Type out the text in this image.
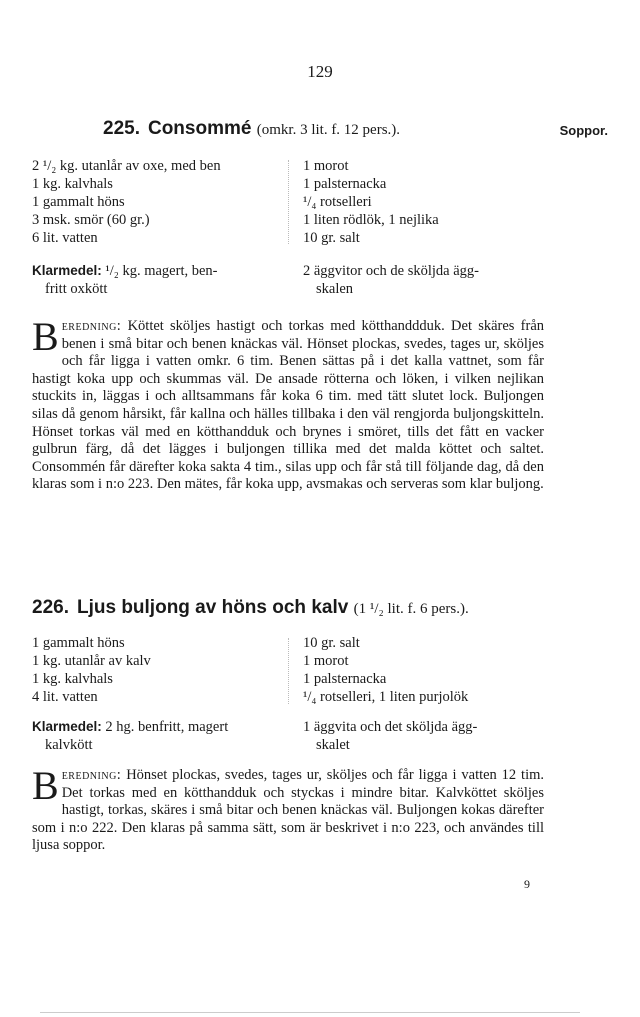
129
225. Consommé (omkr. 3 lit. f. 12 pers.).	Soppor.
2 ¹/₂ kg. utanlår av oxe, med ben
1 kg. kalvhals
1 gammalt höns
3 msk. smör (60 gr.)
6 lit. vatten
1 morot
1 palsternacka
¹/₄ rotselleri
1 liten rödlök, 1 nejlika
10 gr. salt
Klarmedel: ¹/₂ kg. magert, ben-
fritt oxkött
2 äggvitor och de sköljda ägg-
skalen
Beredning: Köttet sköljes hastigt och torkas med kötthanddduk. Det skäres från benen i små bitar och benen knäckas väl. Hönset plockas, svedes, tages ur, sköljes och får ligga i vatten omkr. 6 tim. Benen sättas på i det kalla vattnet, som får hastigt koka upp och skummas väl. De ansade rötterna och löken, i vilken nejlikan stuckits in, läggas i och alltsammans får koka 6 tim. med tätt slutet lock. Buljongen silas då genom hårsikt, får kallna och hälles tillbaka i den väl rengjorda buljongskitteln. Hönset torkas väl med en kötthandduk och brynes i smöret, tills det fått en vacker gulbrun färg, då det lägges i buljongen tillika med det malda köttet och saltet. Consommén får därefter koka sakta 4 tim., silas upp och får stå till följande dag, då den klaras som i n:o 223. Den mätes, får koka upp, avsmakas och serveras som klar buljong.
226. Ljus buljong av höns och kalv (1 ¹/₂ lit. f. 6 pers.).
1 gammalt höns
1 kg. utanlår av kalv
1 kg. kalvhals
4 lit. vatten
10 gr. salt
1 morot
1 palsternacka
¹/₄ rotselleri, 1 liten purjolök
Klarmedel: 2 hg. benfritt, magert
kalvkött
1 äggvita och det sköljda ägg-
skalet
Beredning: Hönset plockas, svedes, tages ur, sköljes och får ligga i vatten 12 tim. Det torkas med en kötthandduk och styckas i mindre bitar. Kalvköttet sköljes hastigt, torkas, skäres i små bitar och benen knäckas väl. Buljongen kokas därefter som i n:o 222. Den klaras på samma sätt, som är beskrivet i n:o 223, och användes till ljusa soppor.
9
